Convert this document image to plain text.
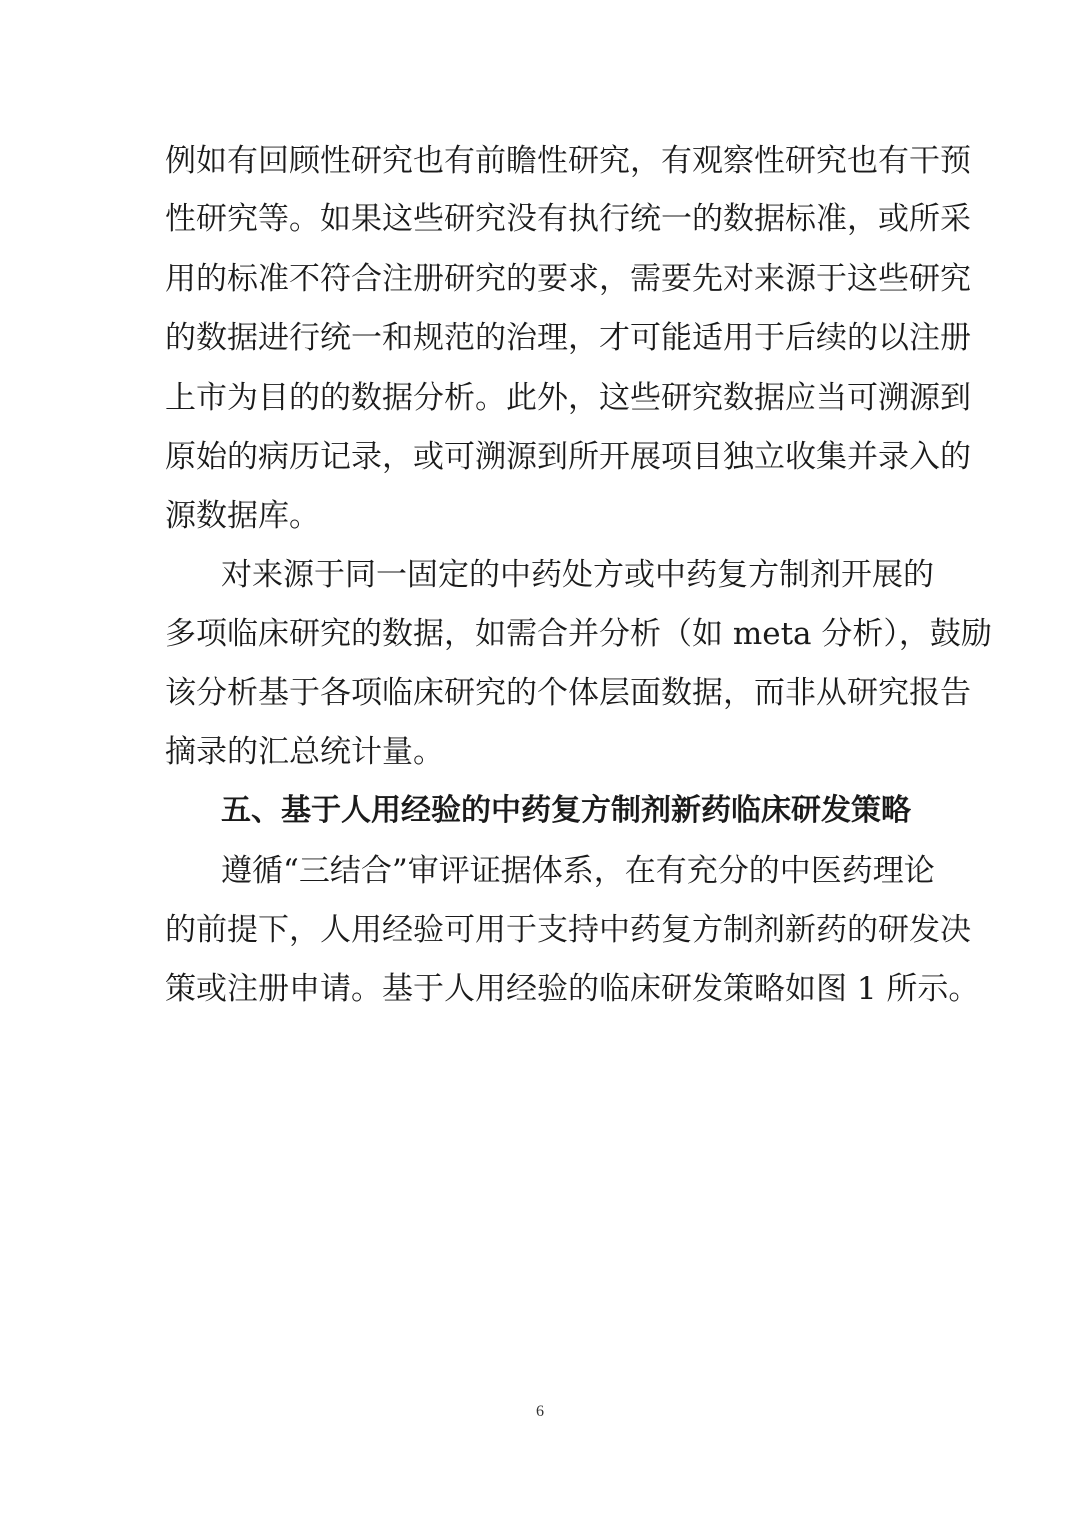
例如有回顾性研究也有前瞻性研究，有观察性研究也有干预
性研究等。如果这些研究没有执行统一的数据标准，或所采
用的标准不符合注册研究的要求，需要先对来源于这些研究
的数据进行统一和规范的治理，才可能适用于后续的以注册
上市为目的的数据分析。此外，这些研究数据应当可溯源到
原始的病历记录，或可溯源到所开展项目独立收集并录入的
源数据库。
对来源于同一固定的中药处方或中药复方制剂开展的
多项临床研究的数据，如需合并分析（如 meta 分析），鼓励
该分析基于各项临床研究的个体层面数据，而非从研究报告
摘录的汇总统计量。
五、基于人用经验的中药复方制剂新药临床研发策略
遵循“三结合”审评证据体系，在有充分的中医药理论
的前提下，人用经验可用于支持中药复方制剂新药的研发决
策或注册申请。基于人用经验的临床研发策略如图 1 所示。
6
